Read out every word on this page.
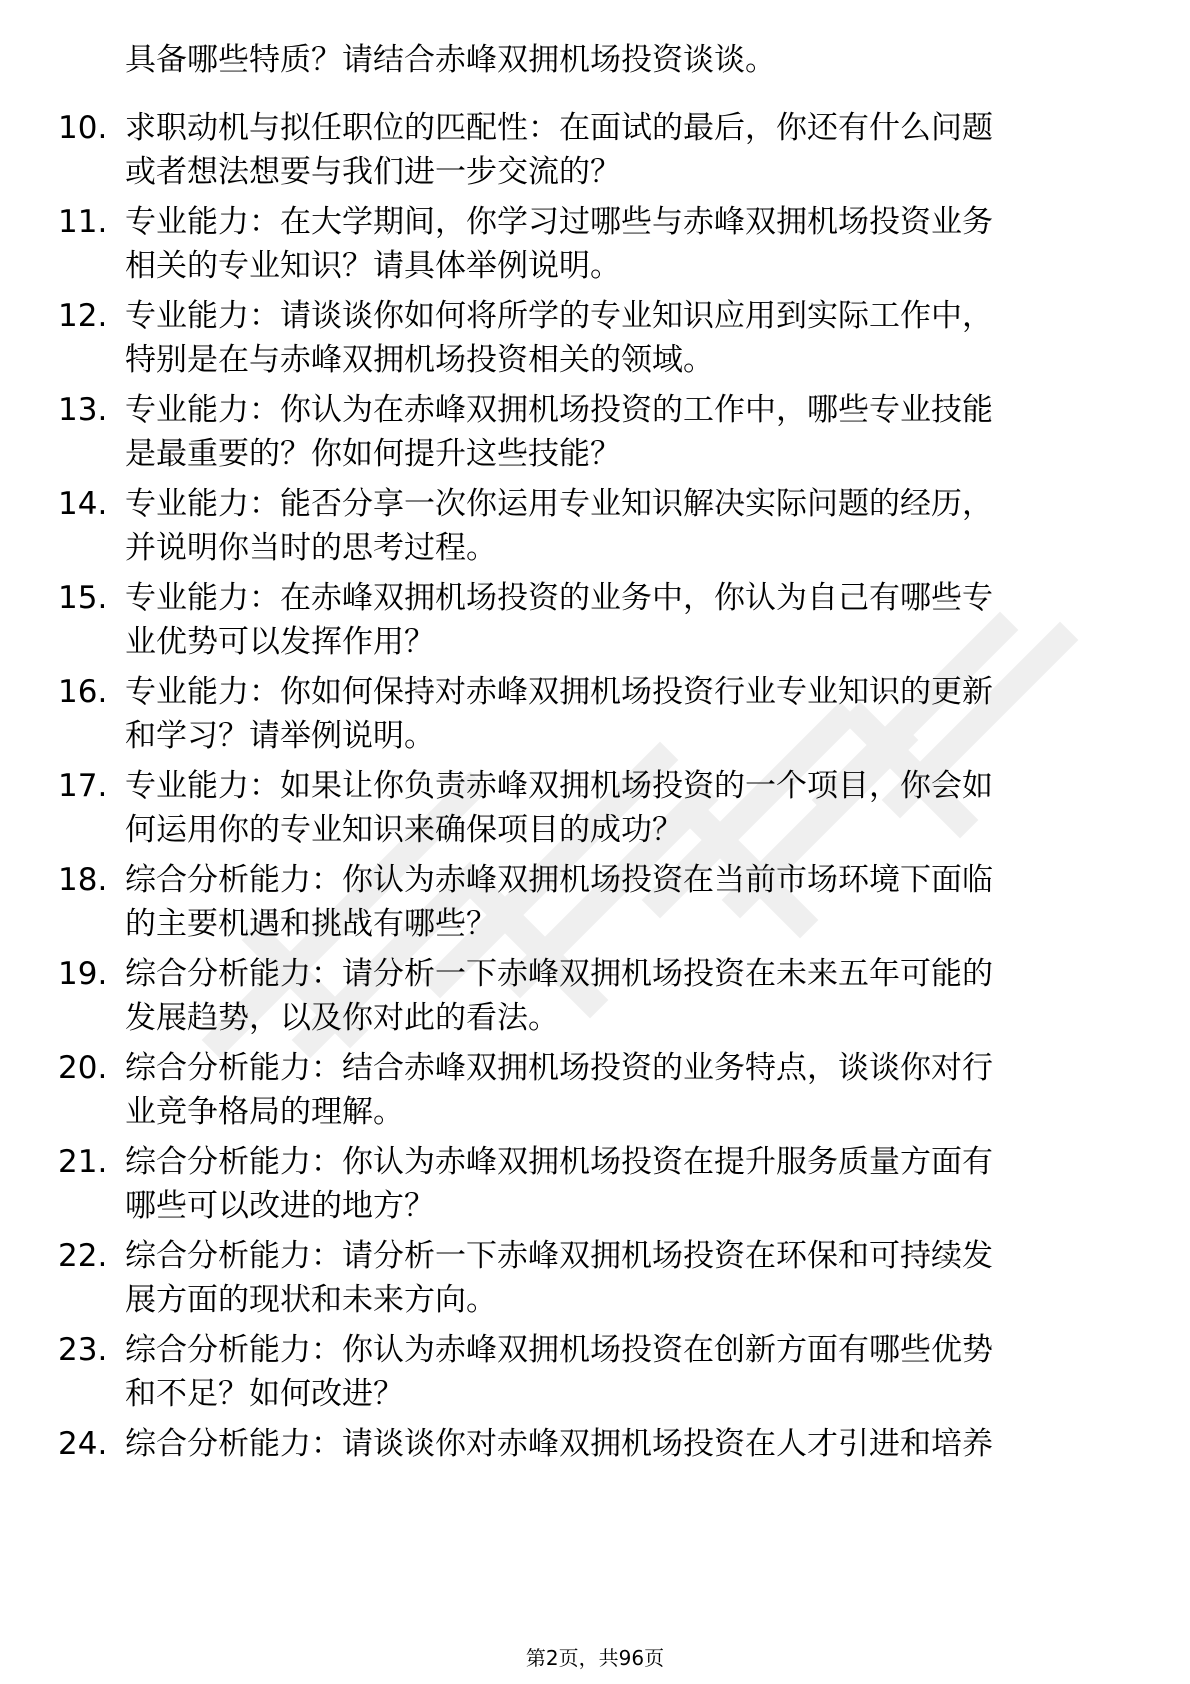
具备哪些特质？请结合赤峰双拥机场投资谈谈。
10. 求职动机与拟任职位的匹配性：在面试的最后，你还有什么问题
或者想法想要与我们进一步交流的？
11. 专业能力：在大学期间，你学习过哪些与赤峰双拥机场投资业务
相关的专业知识？请具体举例说明。
12. 专业能力：请谈谈你如何将所学的专业知识应用到实际工作中，
特别是在与赤峰双拥机场投资相关的领域。
13. 专业能力：你认为在赤峰双拥机场投资的工作中，哪些专业技能
是最重要的？你如何提升这些技能？
14. 专业能力：能否分享一次你运用专业知识解决实际问题的经历，
并说明你当时的思考过程。
15. 专业能力：在赤峰双拥机场投资的业务中，你认为自己有哪些专
业优势可以发挥作用？
16. 专业能力：你如何保持对赤峰双拥机场投资行业专业知识的更新
和学习？请举例说明。
17. 专业能力：如果让你负责赤峰双拥机场投资的一个项目，你会如
何运用你的专业知识来确保项目的成功？
18. 综合分析能力：你认为赤峰双拥机场投资在当前市场环境下面临
的主要机遇和挑战有哪些？
19. 综合分析能力：请分析一下赤峰双拥机场投资在未来五年可能的
发展趋势，以及你对此的看法。
20. 综合分析能力：结合赤峰双拥机场投资的业务特点，谈谈你对行
业竞争格局的理解。
21. 综合分析能力：你认为赤峰双拥机场投资在提升服务质量方面有
哪些可以改进的地方？
22. 综合分析能力：请分析一下赤峰双拥机场投资在环保和可持续发
展方面的现状和未来方向。
23. 综合分析能力：你认为赤峰双拥机场投资在创新方面有哪些优势
和不足？如何改进？
24. 综合分析能力：请谈谈你对赤峰双拥机场投资在人才引进和培养
第2页，共96页
